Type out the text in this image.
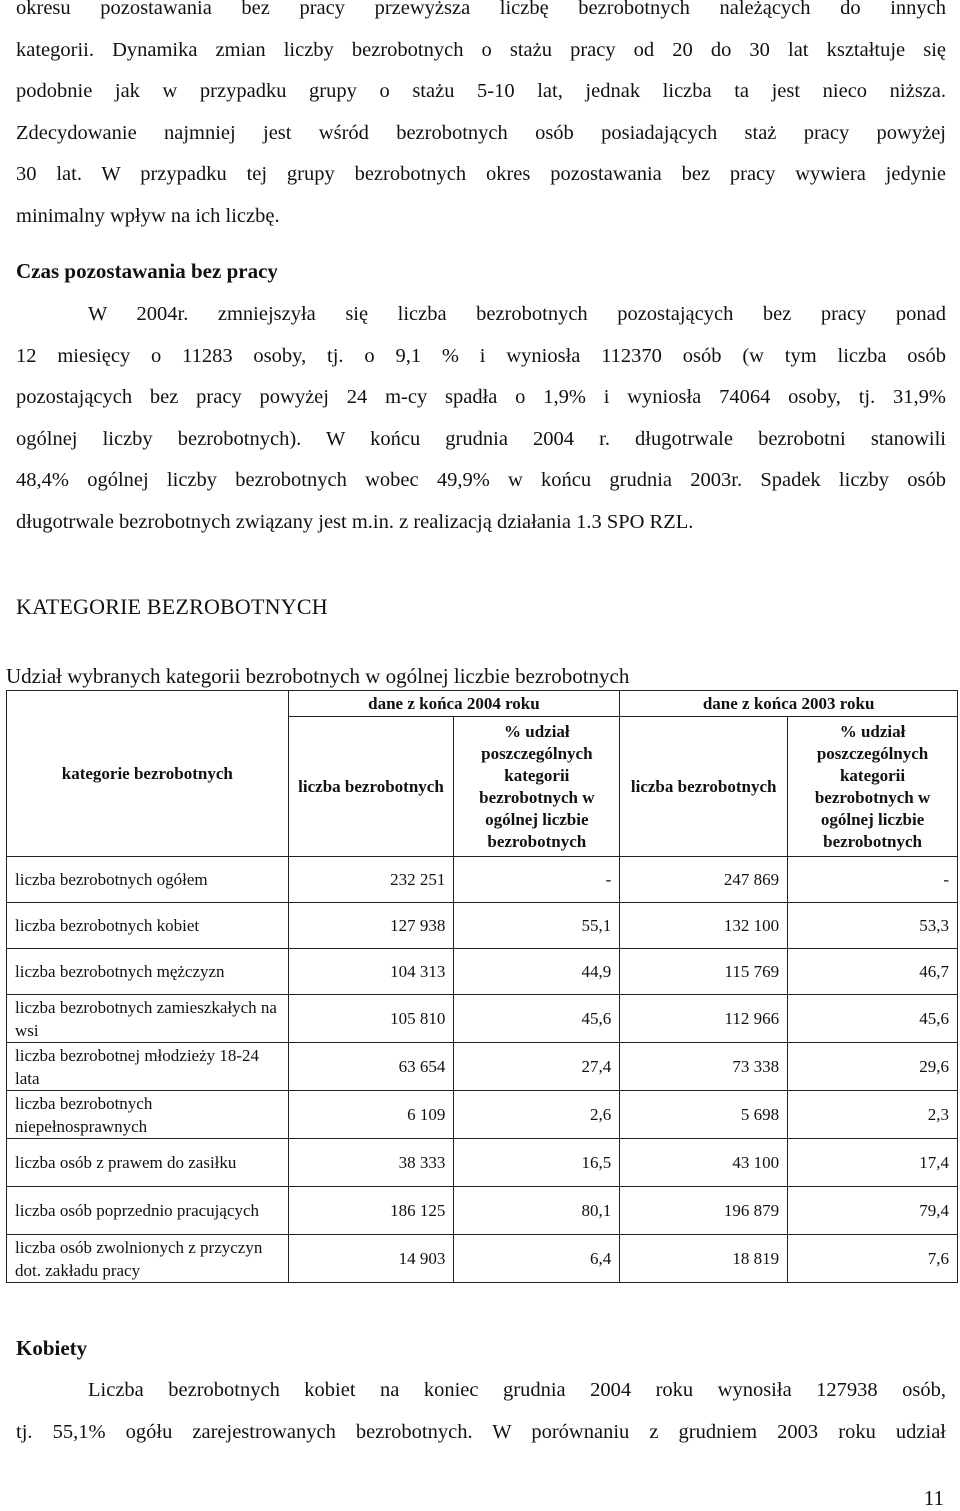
okresu pozostawania bez pracy przewyższa liczbę bezrobotnych należących do innych
kategorii. Dynamika zmian liczby bezrobotnych o stażu pracy od 20 do 30 lat kształtuje się
podobnie jak w przypadku grupy o stażu 5-10 lat, jednak liczba ta jest nieco niższa.
Zdecydowanie najmniej jest wśród bezrobotnych osób posiadających staż pracy powyżej
30 lat. W przypadku tej grupy bezrobotnych okres pozostawania bez pracy wywiera jedynie
minimalny wpływ na ich liczbę.
Czas pozostawania bez pracy
W 2004r. zmniejszyła się liczba bezrobotnych pozostających bez pracy ponad
12 miesięcy o 11283 osoby, tj. o 9,1 % i wyniosła 112370 osób (w tym liczba osób
pozostających bez pracy powyżej 24 m-cy spadła o 1,9% i wyniosła 74064 osoby, tj. 31,9%
ogólnej liczby bezrobotnych). W końcu grudnia 2004 r. długotrwale bezrobotni stanowili
48,4% ogólnej liczby bezrobotnych wobec 49,9% w końcu grudnia 2003r. Spadek liczby osób
długotrwale bezrobotnych związany jest m.in. z realizacją działania 1.3 SPO RZL.
KATEGORIE BEZROBOTNYCH

Udział wybranych kategorii bezrobotnych w ogólnej liczbie bezrobotnych

kategorie bezrobotnych	dane z końca 2004 roku		dane z końca 2003 roku	
	liczba bezrobotnych	% udział poszczególnych kategorii bezrobotnych w ogólnej liczbie bezrobotnych	liczba bezrobotnych	% udział poszczególnych kategorii bezrobotnych w ogólnej liczbie bezrobotnych
liczba bezrobotnych ogółem	232 251	-	247 869	-
liczba bezrobotnych kobiet	127 938	55,1	132 100	53,3
liczba bezrobotnych mężczyzn	104 313	44,9	115 769	46,7
liczba bezrobotnych zamieszkałych na wsi	105 810	45,6	112 966	45,6
liczba bezrobotnej młodzieży 18-24 lata	63 654	27,4	73 338	29,6
liczba bezrobotnych niepełnosprawnych	6 109	2,6	5 698	2,3
liczba osób z prawem do zasiłku	38 333	16,5	43 100	17,4
liczba osób poprzednio pracujących	186 125	80,1	196 879	79,4
liczba osób zwolnionych z przyczyn dot. zakładu pracy	14 903	6,4	18 819	7,6
Kobiety
Liczba bezrobotnych kobiet na koniec grudnia 2004 roku wynosiła 127938 osób,
tj. 55,1% ogółu zarejestrowanych bezrobotnych. W porównaniu z grudniem 2003 roku udział
11
